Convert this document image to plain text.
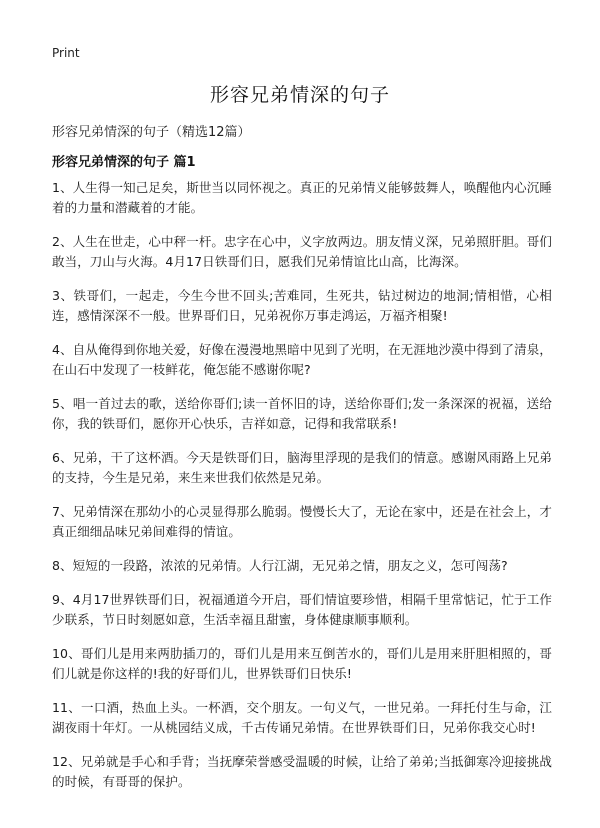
Print
形容兄弟情深的句子
形容兄弟情深的句子（精选12篇）
形容兄弟情深的句子 篇1

1、人生得一知己足矣，斯世当以同怀视之。真正的兄弟情义能够鼓舞人，唤醒他内心沉睡着的力量和潜藏着的才能。

2、人生在世走，心中秤一杆。忠字在心中，义字放两边。朋友情义深，兄弟照肝胆。哥们敢当，刀山与火海。4月17日铁哥们日，愿我们兄弟情谊比山高，比海深。

3、铁哥们，一起走，今生今世不回头;苦难同，生死共，钻过树边的地洞;情相惜，心相连，感情深深不一般。世界哥们日，兄弟祝你万事走鸿运，万福齐相聚!

4、自从俺得到你地关爱，好像在漫漫地黑暗中见到了光明，在无涯地沙漠中得到了清泉，在山石中发现了一枝鲜花，俺怎能不感谢你呢?

5、唱一首过去的歌，送给你哥们;读一首怀旧的诗，送给你哥们;发一条深深的祝福，送给你，我的铁哥们，愿你开心快乐，吉祥如意，记得和我常联系!

6、兄弟，干了这杯酒。今天是铁哥们日，脑海里浮现的是我们的情意。感谢风雨路上兄弟的支持，今生是兄弟，来生来世我们依然是兄弟。

7、兄弟情深在那幼小的心灵显得那么脆弱。慢慢长大了，无论在家中，还是在社会上，才真正细细品味兄弟间难得的情谊。

8、短短的一段路，浓浓的兄弟情。人行江湖，无兄弟之情，朋友之义，怎可闯荡?

9、4月17世界铁哥们日，祝福通道今开启，哥们情谊要珍惜，相隔千里常惦记，忙于工作少联系，节日时刻愿如意，生活幸福且甜蜜，身体健康顺事顺利。

10、哥们儿是用来两肋插刀的，哥们儿是用来互倒苦水的，哥们儿是用来肝胆相照的，哥们儿就是你这样的!我的好哥们儿，世界铁哥们日快乐!

11、一口酒，热血上头。一杯酒，交个朋友。一句义气，一世兄弟。一拜托付生与命，江湖夜雨十年灯。一从桃园结义成，千古传诵兄弟情。在世界铁哥们日，兄弟你我交心时!

12、兄弟就是手心和手背；当抚摩荣誉感受温暖的时候，让给了弟弟;当抵御寒冷迎接挑战的时候，有哥哥的保护。
